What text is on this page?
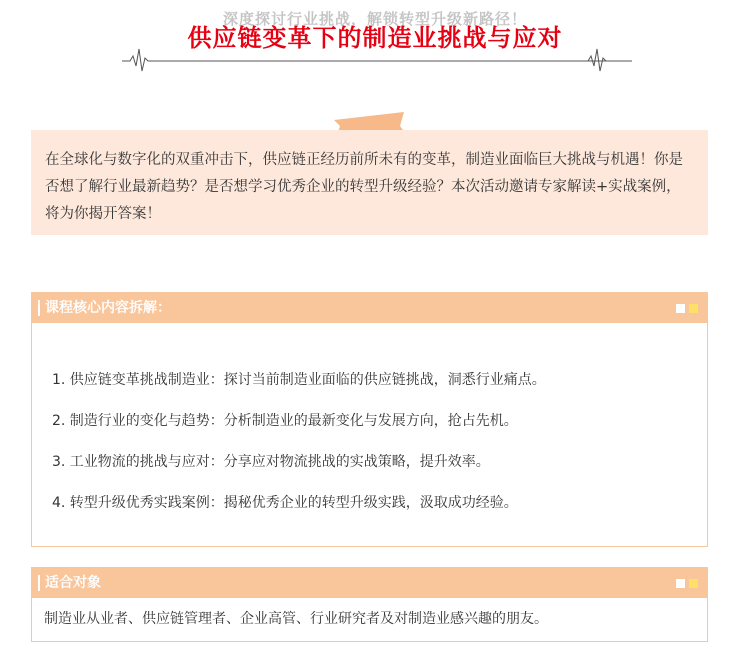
深度探讨行业挑战，解锁转型升级新路径！
供应链变革下的制造业挑战与应对

在全球化与数字化的双重冲击下，供应链正经历前所未有的变革，制造业面临巨大挑战与机遇！你是否想了解行业最新趋势？是否想学习优秀企业的转型升级经验？本次活动邀请专家解读+实战案例，将为你揭开答案！

课程核心内容拆解：
1. 供应链变革挑战制造业：探讨当前制造业面临的供应链挑战，洞悉行业痛点。
2. 制造行业的变化与趋势：分析制造业的最新变化与发展方向，抢占先机。
3. 工业物流的挑战与应对：分享应对物流挑战的实战策略，提升效率。
4. 转型升级优秀实践案例：揭秘优秀企业的转型升级实践，汲取成功经验。
适合对象

制造业从业者、供应链管理者、企业高管、行业研究者及对制造业感兴趣的朋友。
